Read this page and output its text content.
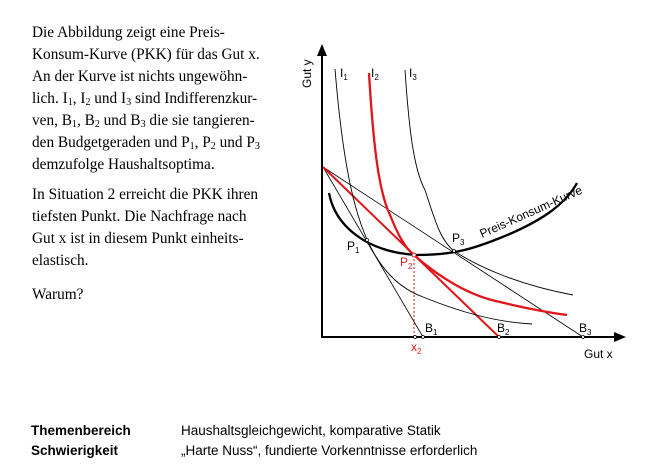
Die Abbildung zeigt eine Preis-
Konsum-Kurve (PKK) für das Gut x.
An der Kurve ist nichts ungewöhn-
lich. $I_1$, $I_2$ und $I_3$ sind Indifferenzkur-
ven, $B_1$, $B_2$ und $B_3$ die sie tangieren-
den Budgetgeraden und $P_1$, $P_2$ und $P_3$
demzufolge Haushaltsoptima.
In Situation 2 erreicht die PKK ihren
tiefsten Punkt. Die Nachfrage nach
Gut x ist in diesem Punkt einheits-
elastisch.
Warum?
Gut y
Gut x
Preis-Konsum-Kurve
$I_1$ $I_2$	$I_3$
$P_1$
$P_2$
$P_3$
$B_1$	$B_2$	$B_3$
$x_2$
Themenbereich	Haushaltsgleichgewicht, komparative Statik
Schwierigkeit	„Harte Nuss“, fundierte Vorkenntnisse erforderlich
